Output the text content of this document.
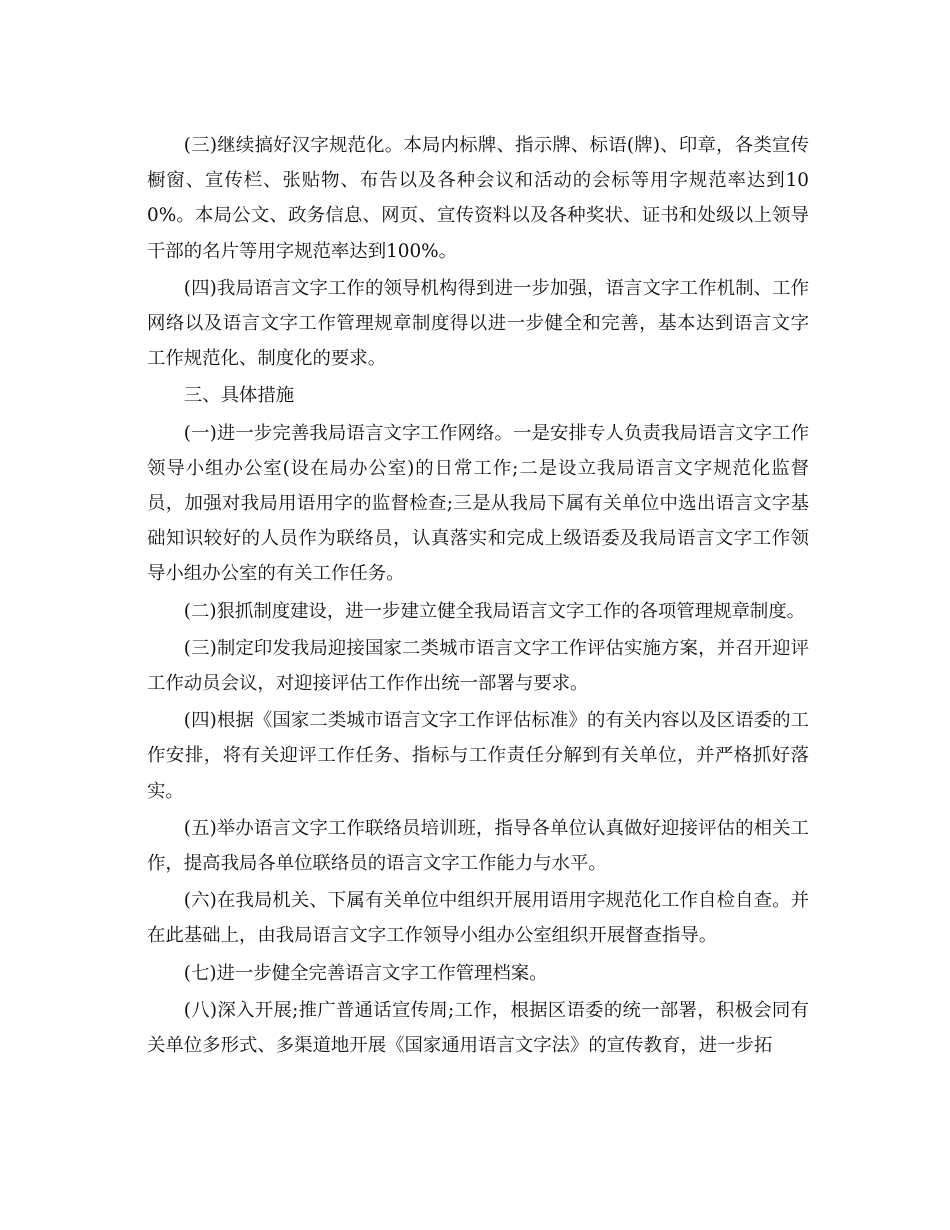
(三)继续搞好汉字规范化。本局内标牌、指示牌、标语(牌)、印章，各类宣传橱窗、宣传栏、张贴物、布告以及各种会议和活动的会标等用字规范率达到100%。本局公文、政务信息、网页、宣传资料以及各种奖状、证书和处级以上领导干部的名片等用字规范率达到100%。

(四)我局语言文字工作的领导机构得到进一步加强，语言文字工作机制、工作网络以及语言文字工作管理规章制度得以进一步健全和完善，基本达到语言文字工作规范化、制度化的要求。

三、具体措施

(一)进一步完善我局语言文字工作网络。一是安排专人负责我局语言文字工作领导小组办公室(设在局办公室)的日常工作;二是设立我局语言文字规范化监督员，加强对我局用语用字的监督检查;三是从我局下属有关单位中选出语言文字基础知识较好的人员作为联络员，认真落实和完成上级语委及我局语言文字工作领导小组办公室的有关工作任务。

(二)狠抓制度建设，进一步建立健全我局语言文字工作的各项管理规章制度。

(三)制定印发我局迎接国家二类城市语言文字工作评估实施方案，并召开迎评工作动员会议，对迎接评估工作作出统一部署与要求。

(四)根据《国家二类城市语言文字工作评估标准》的有关内容以及区语委的工作安排，将有关迎评工作任务、指标与工作责任分解到有关单位，并严格抓好落实。

(五)举办语言文字工作联络员培训班，指导各单位认真做好迎接评估的相关工作，提高我局各单位联络员的语言文字工作能力与水平。

(六)在我局机关、下属有关单位中组织开展用语用字规范化工作自检自查。并在此基础上，由我局语言文字工作领导小组办公室组织开展督查指导。

(七)进一步健全完善语言文字工作管理档案。

(八)深入开展;推广普通话宣传周;工作，根据区语委的统一部署，积极会同有关单位多形式、多渠道地开展《国家通用语言文字法》的宣传教育，进一步拓
